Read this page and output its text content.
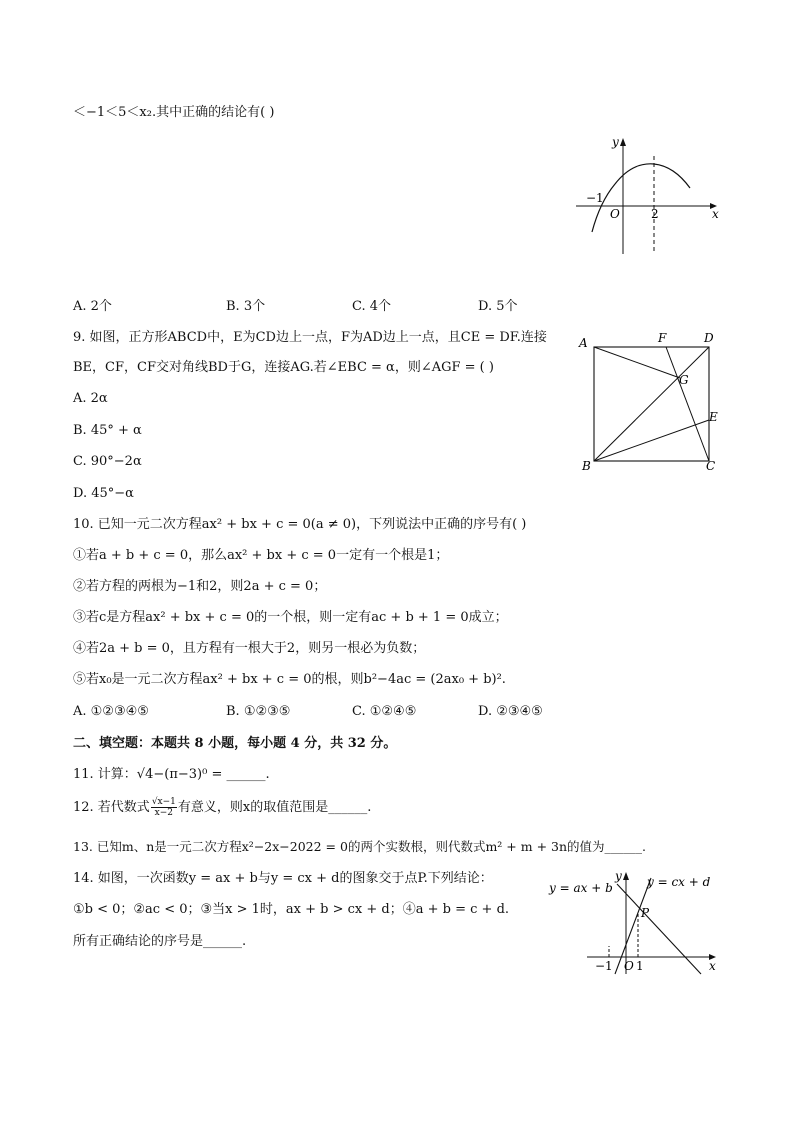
＜−1＜5＜x₂.其中正确的结论有( )
y
x
−1
O	2
A. 2个	B. 3个	C. 4个	D. 5个
9. 如图，正方形ABCD中，E为CD边上一点，F为AD边上一点，且CE = DF.连接
BE，CF，CF交对角线BD于G，连接AG.若∠EBC = α，则∠AGF = ( )
A. 2α
B. 45° + α
C. 90°−2α
D. 45°−α
A	F	D
G
E
B	C
10. 已知一元二次方程ax² + bx + c = 0(a ≠ 0)，下列说法中正确的序号有( )
①若a + b + c = 0，那么ax² + bx + c = 0一定有一个根是1；
②若方程的两根为−1和2，则2a + c = 0；
③若c是方程ax² + bx + c = 0的一个根，则一定有ac + b + 1 = 0成立；
④若2a + b = 0，且方程有一根大于2，则另一根必为负数；
⑤若x₀是一元二次方程ax² + bx + c = 0的根，则b²−4ac = (2ax₀ + b)².
A. ①②③④⑤	B. ①②③⑤	C. ①②④⑤	D. ②③④⑤
二、填空题：本题共 8 小题，每小题 4 分，共 32 分。
11. 计算：√4−(π−3)⁰ = ______.
12. 若代数式 $\frac{√x-1}{x-2}$ 有意义，则x的取值范围是______.
13. 已知m、n是一元二次方程x²−2x−2022 = 0的两个实数根，则代数式m² + m + 3n的值为______.
14. 如图，一次函数y = ax + b与y = cx + d的图象交于点P.下列结论：
①b < 0；②ac < 0；③当x > 1时，ax + b > cx + d；④a + b = c + d.
所有正确结论的序号是______.
y = ax + b	y = cx + d
y
x
P
−1 O 1
